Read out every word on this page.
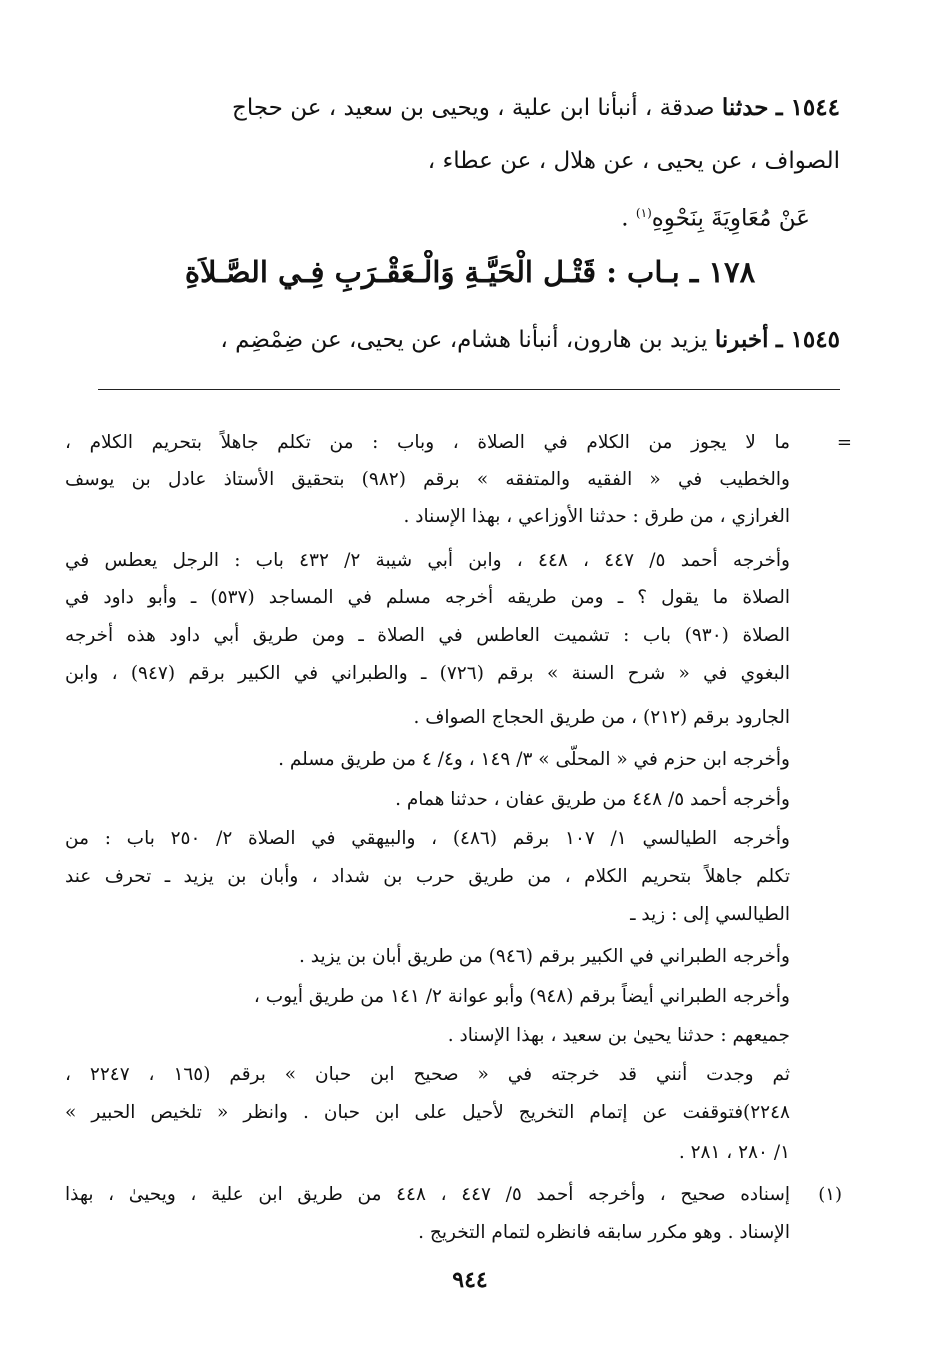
١٥٤٤ ـ حدثنا صدقة ، أنبأنا ابن علية ، ويحيى بن سعيد ، عن حجاج
الصواف ، عن يحيى ، عن هلال ، عن عطاء ،
عَنْ مُعَاوِيَةَ بِنَحْوِهِ$^{(١)}$ .
١٧٨ ـ بـاب : قَتْـل الْحَيَّـةِ وَالْـعَقْـرَبِ فِـي الصَّـلاَةِ
١٥٤٥ ـ أخبرنا يزيد بن هارون، أنبأنا هشام، عن يحيى، عن ضِمْضِم ،
=
ما لا يجوز من الكلام في الصلاة ، وباب : من تكلم جاهلاً بتحريم الكلام ،
والخطيب في « الفقيه والمتفقه » برقم (٩٨٢) بتحقيق الأستاذ عادل بن يوسف
الغرازي ، من طرق : حدثنا الأوزاعي ، بهذا الإسناد .
وأخرجه أحمد ٥/ ٤٤٧ ، ٤٤٨ ، وابن أبي شيبة ٢/ ٤٣٢ باب : الرجل يعطس في
الصلاة ما يقول ؟ ـ ومن طريقه أخرجه مسلم في المساجد (٥٣٧) ـ وأبو داود في
الصلاة (٩٣٠) باب : تشميت العاطس في الصلاة ـ ومن طريق أبي داود هذه أخرجه
البغوي في « شرح السنة » برقم (٧٢٦) ـ والطبراني في الكبير برقم (٩٤٧) ، وابن
الجارود برقم (٢١٢) ، من طريق الحجاج الصواف .
وأخرجه ابن حزم في « المحلّى » ٣/ ١٤٩ ، و٤/ ٤ من طريق مسلم .
وأخرجه أحمد ٥/ ٤٤٨ من طريق عفان ، حدثنا همام .
وأخرجه الطيالسي ١/ ١٠٧ برقم (٤٨٦) ، والبيهقي في الصلاة ٢/ ٢٥٠ باب : من
تكلم جاهلاً بتحريم الكلام ، من طريق حرب بن شداد ، وأبان بن يزيد ـ تحرف عند
الطيالسي إلى : زيد ـ
وأخرجه الطبراني في الكبير برقم (٩٤٦) من طريق أبان بن يزيد .
وأخرجه الطبراني أيضاً برقم (٩٤٨) وأبو عوانة ٢/ ١٤١ من طريق أيوب ،
جميعهم : حدثنا يحيىٰ بن سعيد ، بهذا الإسناد .
ثم وجدت أنني قد خرجته في « صحيح ابن حبان » برقم (١٦٥ ، ٢٢٤٧ ،
٢٢٤٨)فتوقفت عن إتمام التخريج لأحيل على ابن حبان . وانظر « تلخيص الحبير »
١/ ٢٨٠ ، ٢٨١ .
(١)
إسناده صحيح ، وأخرجه أحمد ٥/ ٤٤٧ ، ٤٤٨ من طريق ابن علية ، ويحيىٰ ، بهذا
الإسناد . وهو مكرر سابقه فانظره لتمام التخريج .
٩٤٤
